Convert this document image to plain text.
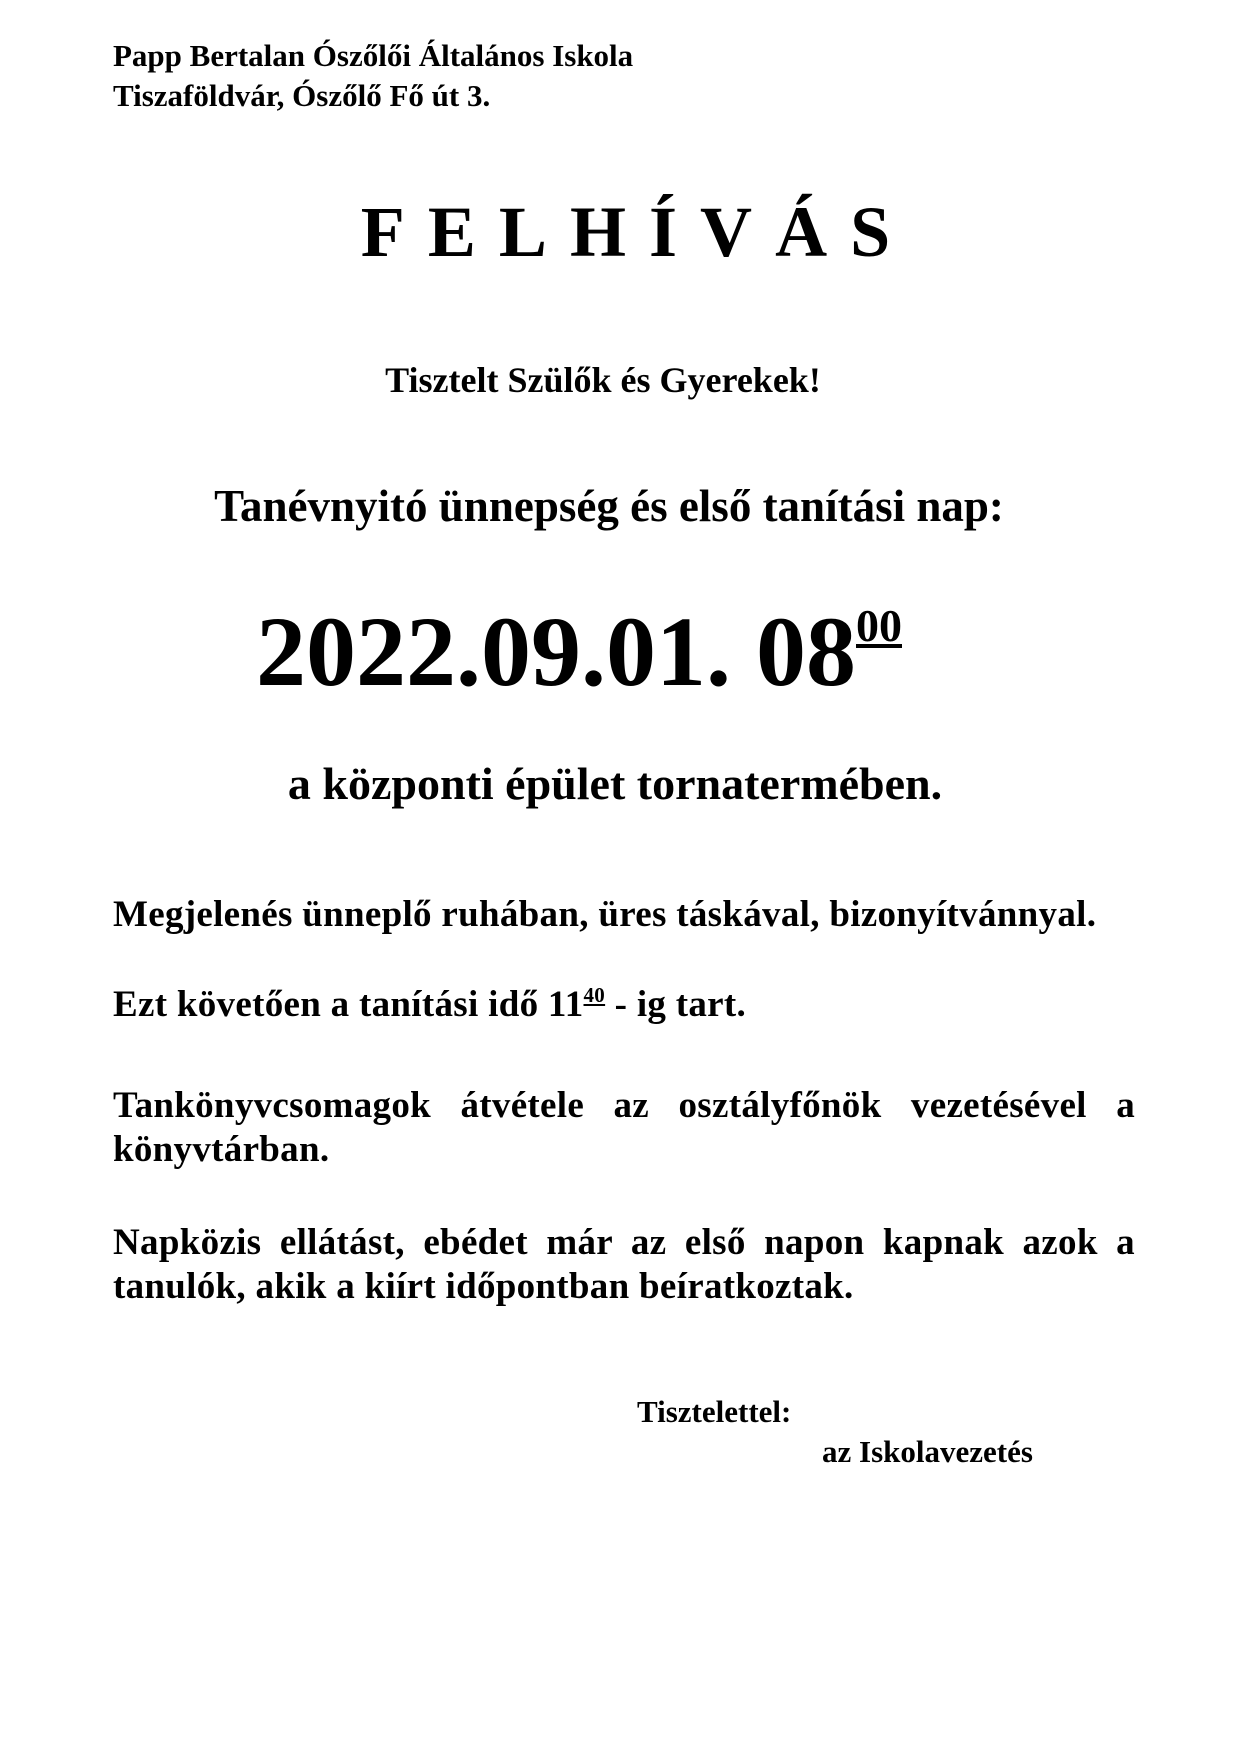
Papp Bertalan Ószőlői Általános Iskola

Tiszaföldvár, Ószőlő Fő út 3.

FELHÍVÁS

Tisztelt Szülők és Gyerekek!

Tanévnyitó ünnepség és első tanítási nap:

2022.09.01. $08^{00}$

a központi épület tornatermében.

Megjelenés ünneplő ruhában, üres táskával, bizonyítvánnyal.

Ezt követően a tanítási idő $11^{40}$ - ig tart.

Tankönyvcsomagok átvétele az osztályfőnök vezetésével a könyvtárban.

Napközis ellátást, ebédet már az első napon kapnak azok a tanulók, akik a kiírt időpontban beíratkoztak.

Tisztelettel:

az Iskolavezetés
